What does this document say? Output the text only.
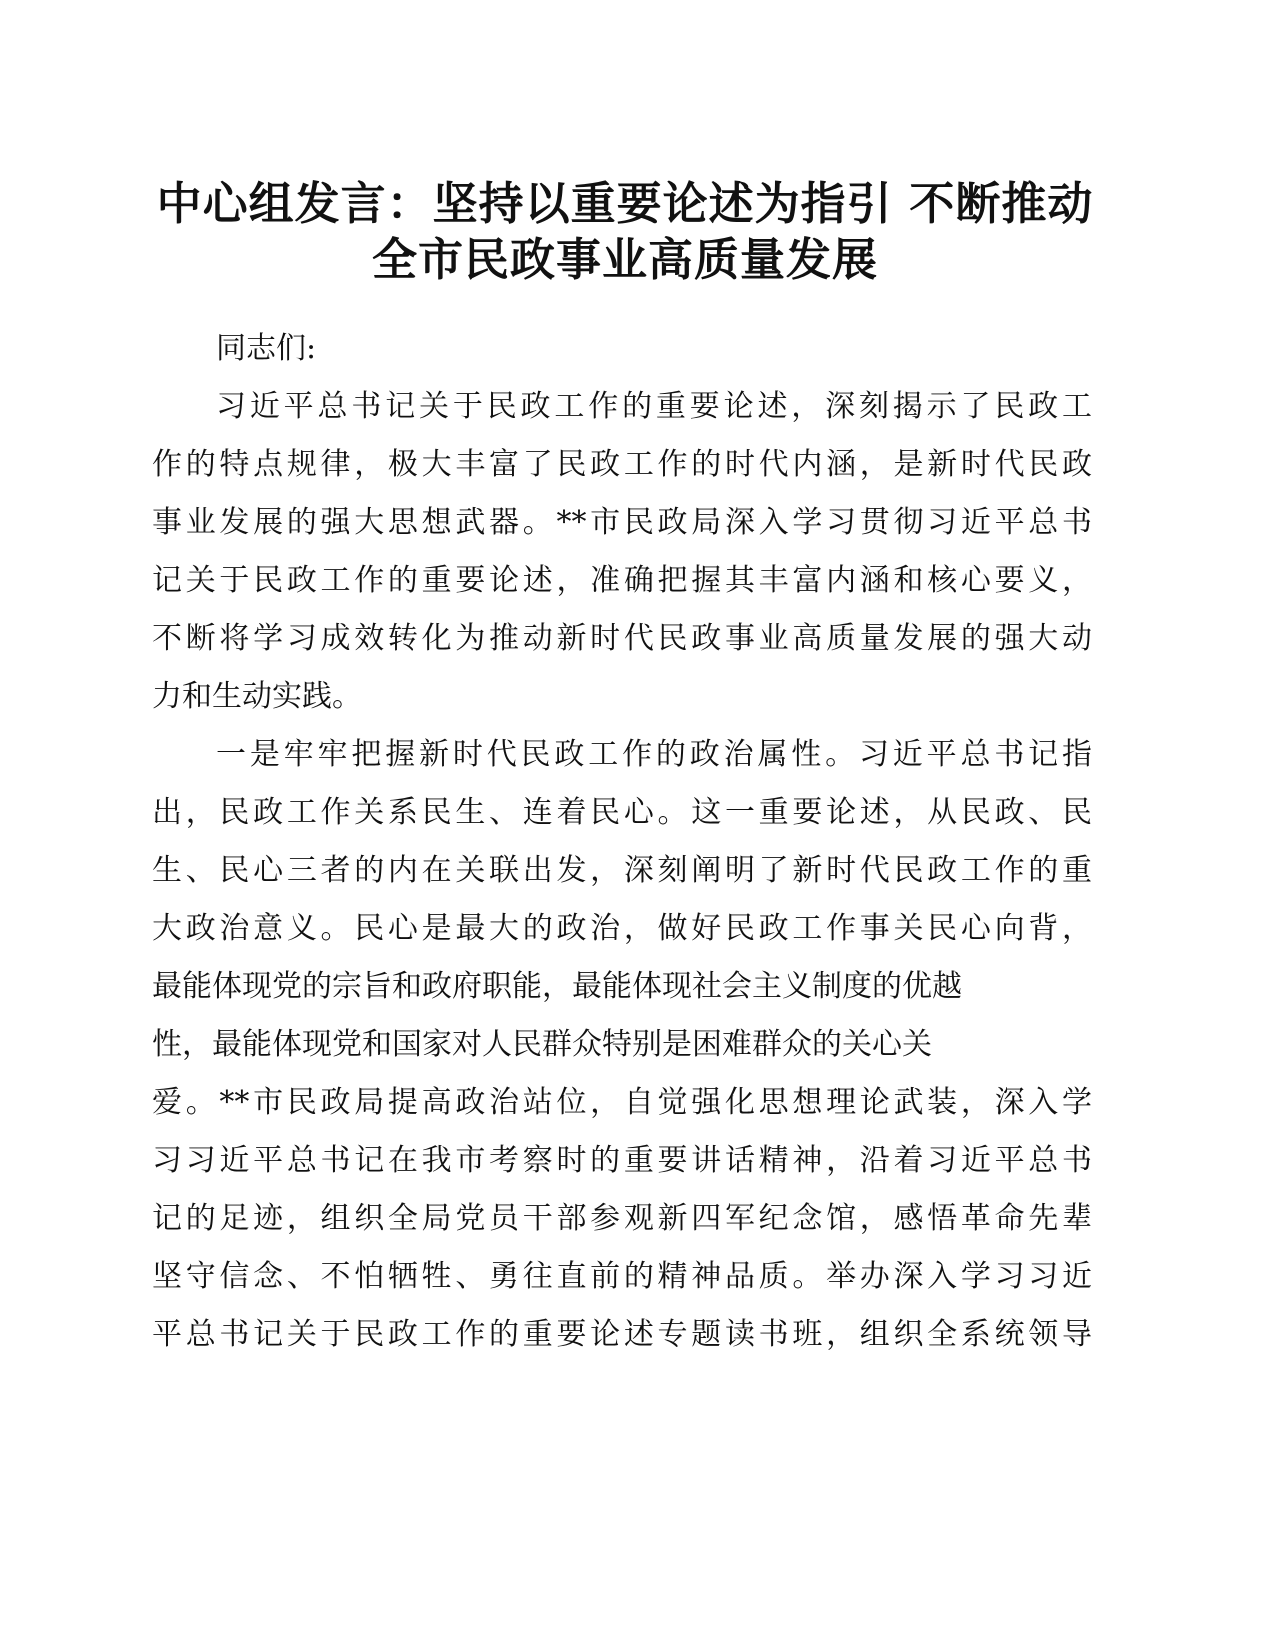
中心组发言：坚持以重要论述为指引 不断推动
全市民政事业高质量发展
同志们:
习近平总书记关于民政工作的重要论述，深刻揭示了民政工
作的特点规律，极大丰富了民政工作的时代内涵，是新时代民政
事业发展的强大思想武器。**市民政局深入学习贯彻习近平总书
记关于民政工作的重要论述，准确把握其丰富内涵和核心要义，
不断将学习成效转化为推动新时代民政事业高质量发展的强大动
力和生动实践。
一是牢牢把握新时代民政工作的政治属性。习近平总书记指
出，民政工作关系民生、连着民心。这一重要论述，从民政、民
生、民心三者的内在关联出发，深刻阐明了新时代民政工作的重
大政治意义。民心是最大的政治，做好民政工作事关民心向背，
最能体现党的宗旨和政府职能，最能体现社会主义制度的优越
性，最能体现党和国家对人民群众特别是困难群众的关心关
爱。**市民政局提高政治站位，自觉强化思想理论武装，深入学
习习近平总书记在我市考察时的重要讲话精神，沿着习近平总书
记的足迹，组织全局党员干部参观新四军纪念馆，感悟革命先辈
坚守信念、不怕牺牲、勇往直前的精神品质。举办深入学习习近
平总书记关于民政工作的重要论述专题读书班，组织全系统领导
